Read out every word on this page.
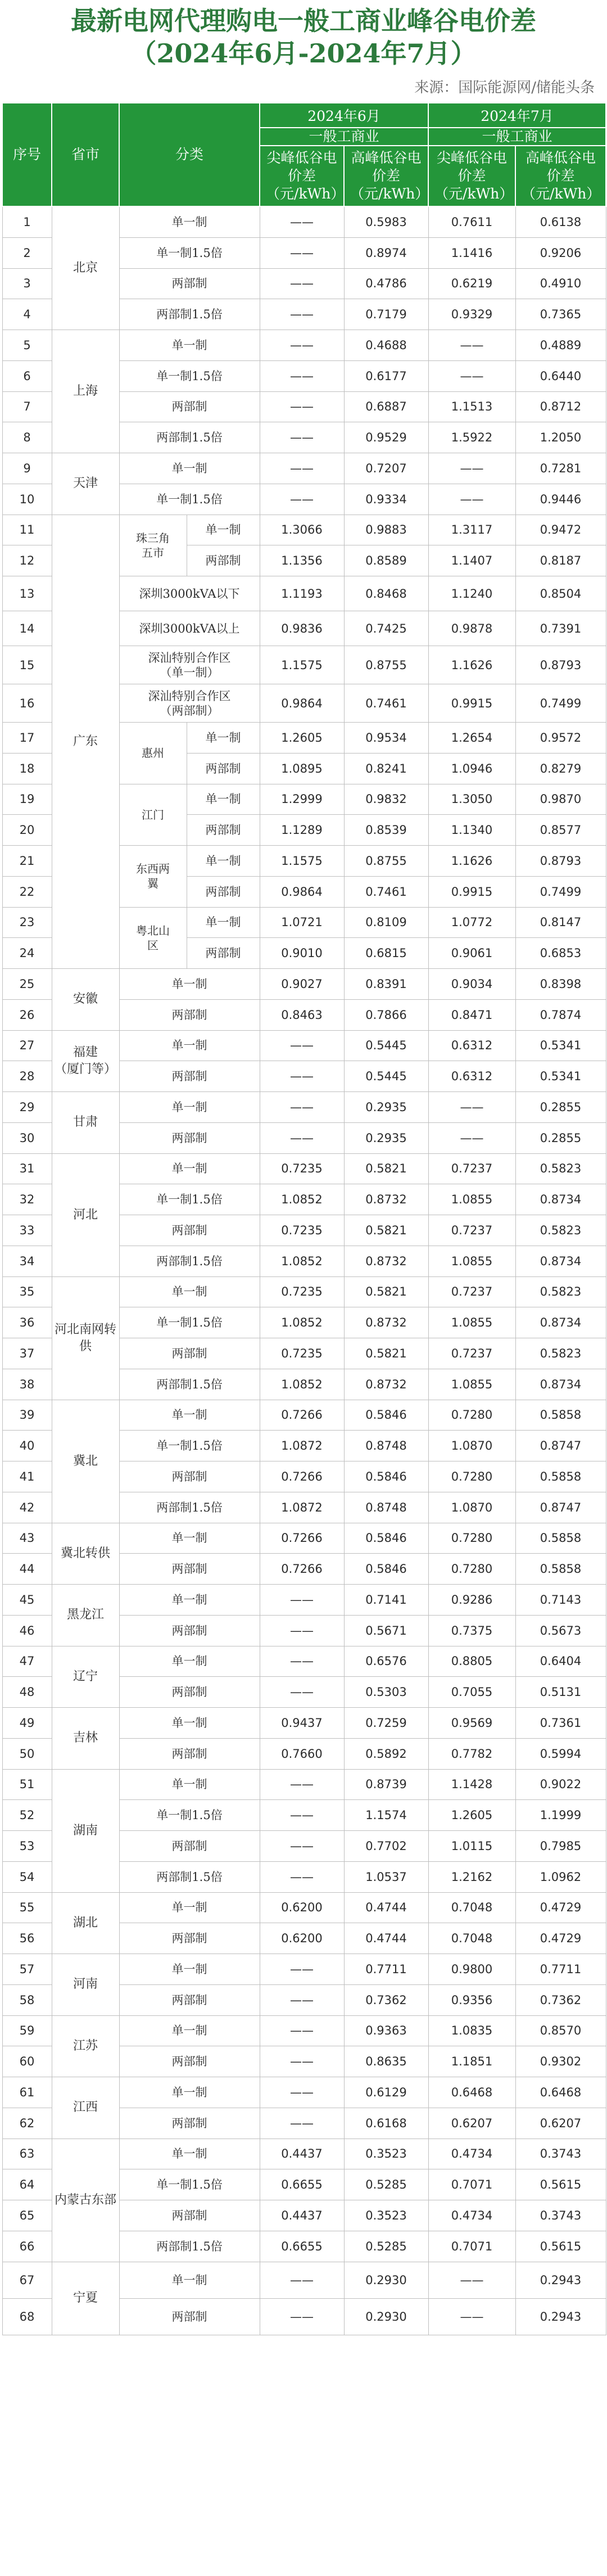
最新电网代理购电一般工商业峰谷电价差
（2024年6月-2024年7月）
来源：国际能源网/储能头条
序号	省市	分类		2024年6月		2024年7月	

				一般工商业		一般工商业	
				尖峰低谷电价差（元/kWh）	高峰低谷电价差（元/kWh）	尖峰低谷电价差（元/kWh）	高峰低谷电价差（元/kWh）
1	北京	单一制		——	0.5983	0.7611	0.6138
2		单一制1.5倍		——	0.8974	1.1416	0.9206
3		两部制		——	0.4786	0.6219	0.4910
4		两部制1.5倍		——	0.7179	0.9329	0.7365
5	上海	单一制		——	0.4688	——	0.4889
6		单一制1.5倍		——	0.6177	——	0.6440
7		两部制		——	0.6887	1.1513	0.8712
8		两部制1.5倍		——	0.9529	1.5922	1.2050
9	天津	单一制		——	0.7207	——	0.7281
10		单一制1.5倍		——	0.9334	——	0.9446
11	广东	珠三角
五市	单一制	1.3066	0.9883	1.3117	0.9472
12			两部制	1.1356	0.8589	1.1407	0.8187
13		深圳3000kVA以下		1.1193	0.8468	1.1240	0.8504
14		深圳3000kVA以上		0.9836	0.7425	0.9878	0.7391
15		深汕特别合作区
（单一制）		1.1575	0.8755	1.1626	0.8793
16		深汕特别合作区
（两部制）		0.9864	0.7461	0.9915	0.7499
17		惠州	单一制	1.2605	0.9534	1.2654	0.9572
18			两部制	1.0895	0.8241	1.0946	0.8279
19		江门	单一制	1.2999	0.9832	1.3050	0.9870
20			两部制	1.1289	0.8539	1.1340	0.8577
21		东西两
翼	单一制	1.1575	0.8755	1.1626	0.8793
22			两部制	0.9864	0.7461	0.9915	0.7499
23		粤北山
区	单一制	1.0721	0.8109	1.0772	0.8147
24			两部制	0.9010	0.6815	0.9061	0.6853
25	安徽	单一制		0.9027	0.8391	0.9034	0.8398
26		两部制		0.8463	0.7866	0.8471	0.7874
27	福建
（厦门等）	单一制		——	0.5445	0.6312	0.5341
28		两部制		——	0.5445	0.6312	0.5341
29	甘肃	单一制		——	0.2935	——	0.2855
30		两部制		——	0.2935	——	0.2855
31	河北	单一制		0.7235	0.5821	0.7237	0.5823
32		单一制1.5倍		1.0852	0.8732	1.0855	0.8734
33		两部制		0.7235	0.5821	0.7237	0.5823
34		两部制1.5倍		1.0852	0.8732	1.0855	0.8734
35	河北南网转供	单一制		0.7235	0.5821	0.7237	0.5823
36		单一制1.5倍		1.0852	0.8732	1.0855	0.8734
37		两部制		0.7235	0.5821	0.7237	0.5823
38		两部制1.5倍		1.0852	0.8732	1.0855	0.8734
39	冀北	单一制		0.7266	0.5846	0.7280	0.5858
40		单一制1.5倍		1.0872	0.8748	1.0870	0.8747
41		两部制		0.7266	0.5846	0.7280	0.5858
42		两部制1.5倍		1.0872	0.8748	1.0870	0.8747
43	冀北转供	单一制		0.7266	0.5846	0.7280	0.5858
44		两部制		0.7266	0.5846	0.7280	0.5858
45	黑龙江	单一制		——	0.7141	0.9286	0.7143
46		两部制		——	0.5671	0.7375	0.5673
47	辽宁	单一制		——	0.6576	0.8805	0.6404
48		两部制		——	0.5303	0.7055	0.5131
49	吉林	单一制		0.9437	0.7259	0.9569	0.7361
50		两部制		0.7660	0.5892	0.7782	0.5994
51	湖南	单一制		——	0.8739	1.1428	0.9022
52		单一制1.5倍		——	1.1574	1.2605	1.1999
53		两部制		——	0.7702	1.0115	0.7985
54		两部制1.5倍		——	1.0537	1.2162	1.0962
55	湖北	单一制		0.6200	0.4744	0.7048	0.4729
56		两部制		0.6200	0.4744	0.7048	0.4729
57	河南	单一制		——	0.7711	0.9800	0.7711
58		两部制		——	0.7362	0.9356	0.7362
59	江苏	单一制		——	0.9363	1.0835	0.8570
60		两部制		——	0.8635	1.1851	0.9302
61	江西	单一制		——	0.6129	0.6468	0.6468
62		两部制		——	0.6168	0.6207	0.6207
63	内蒙古东部	单一制		0.4437	0.3523	0.4734	0.3743
64		单一制1.5倍		0.6655	0.5285	0.7071	0.5615
65		两部制		0.4437	0.3523	0.4734	0.3743
66		两部制1.5倍		0.6655	0.5285	0.7071	0.5615
67	宁夏	单一制		——	0.2930	——	0.2943
68		两部制		——	0.2930	——	0.2943
